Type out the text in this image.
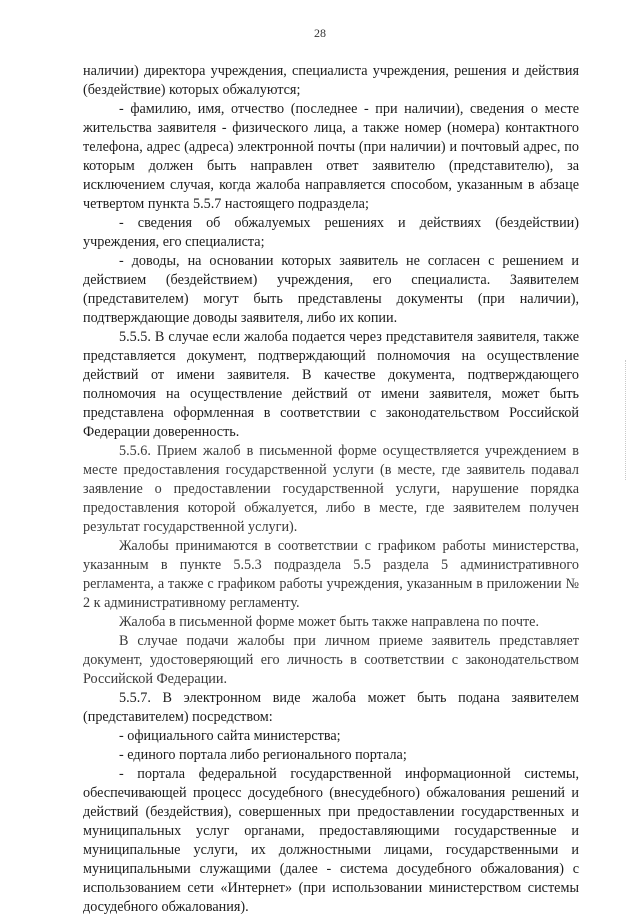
28

наличии) директора учреждения, специалиста учреждения, решения и действия (бездействие) которых обжалуются;

- фамилию, имя, отчество (последнее - при наличии), сведения о месте жительства заявителя - физического лица, а также номер (номера) контактного телефона, адрес (адреса) электронной почты (при наличии) и почтовый адрес, по которым должен быть направлен ответ заявителю (представителю), за исключением случая, когда жалоба направляется способом, указанным в абзаце четвертом пункта 5.5.7 настоящего подраздела;

- сведения об обжалуемых решениях и действиях (бездействии) учреждения, его специалиста;

- доводы, на основании которых заявитель не согласен с решением и действием (бездействием) учреждения, его специалиста. Заявителем (представителем) могут быть представлены документы (при наличии), подтверждающие доводы заявителя, либо их копии.

5.5.5. В случае если жалоба подается через представителя заявителя, также представляется документ, подтверждающий полномочия на осуществление действий от имени заявителя. В качестве документа, подтверждающего полномочия на осуществление действий от имени заявителя, может быть представлена оформленная в соответствии с законодательством Российской Федерации доверенность.

5.5.6. Прием жалоб в письменной форме осуществляется учреждением в месте предоставления государственной услуги (в месте, где заявитель подавал заявление о предоставлении государственной услуги, нарушение порядка предоставления которой обжалуется, либо в месте, где заявителем получен результат государственной услуги).

Жалобы принимаются в соответствии с графиком работы министерства, указанным в пункте 5.5.3 подраздела 5.5 раздела 5 административного регламента, а также с графиком работы учреждения, указанным в приложении № 2 к административному регламенту.

Жалоба в письменной форме может быть также направлена по почте.

В случае подачи жалобы при личном приеме заявитель представляет документ, удостоверяющий его личность в соответствии с законодательством Российской Федерации.

5.5.7. В электронном виде жалоба может быть подана заявителем (представителем) посредством:

- официального сайта министерства;

- единого портала либо регионального портала;

- портала федеральной государственной информационной системы, обеспечивающей процесс досудебного (внесудебного) обжалования решений и действий (бездействия), совершенных при предоставлении государственных и муниципальных услуг органами, предоставляющими государственные и муниципальные услуги, их должностными лицами, государственными и муниципальными служащими (далее - система досудебного обжалования) с использованием сети «Интернет» (при использовании министерством системы досудебного обжалования).
